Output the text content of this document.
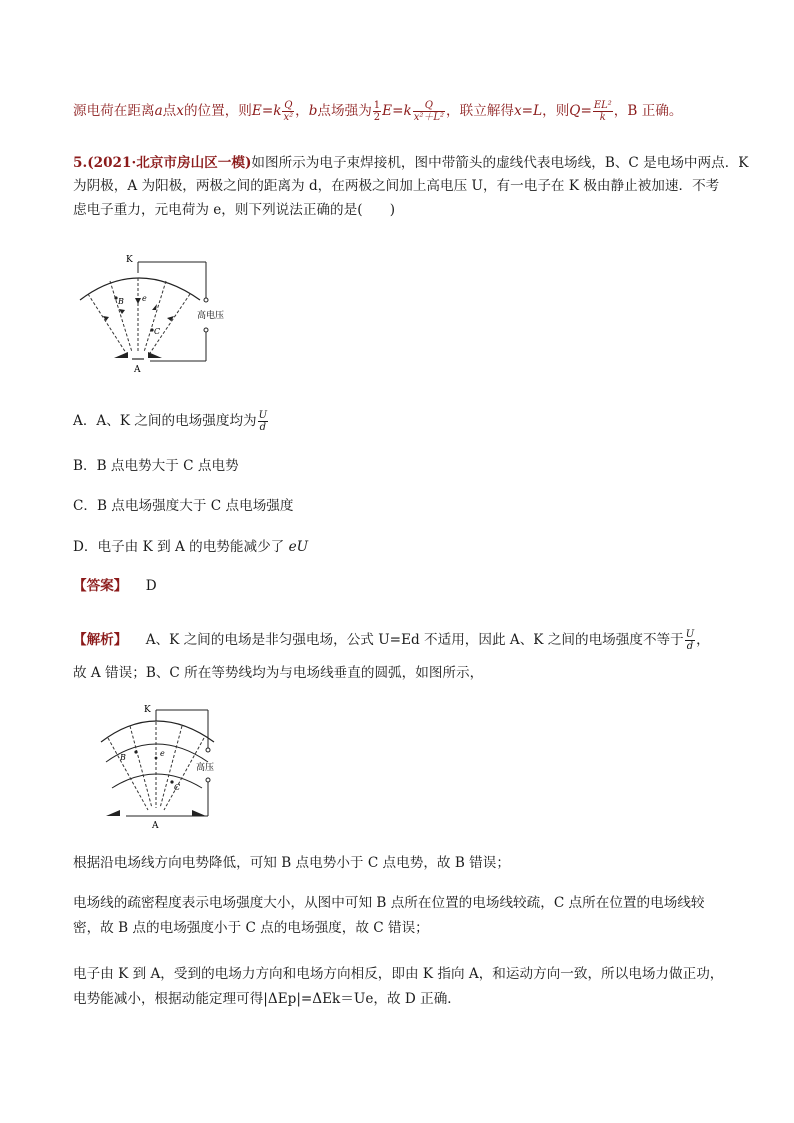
源电荷在距离a点x的位置，则$E=k \frac{Q}{\text{x²}}$ ，b点场强为 $\frac{1}{2} E=k \frac{Q}{\text{x²＋L²}}$ ，联立解得x=L，则$Q= \frac{\text{EL²}}{k}$ ，B 正确。
5.(2021·北京市房山区一模)如图所示为电子束焊接机，图中带箭头的虚线代表电场线，B、C 是电场中两点．K
为阴极，A 为阳极，两极之间的距离为 d，在两极之间加上高电压 U，有一电子在 K 极由静止被加速．不考
虑电子重力，元电荷为 e，则下列说法正确的是(　　)
K
A
B
C
e
高电压
A．A、K 之间的电场强度均为 $\frac{U}{d}$
B．B 点电势大于 C 点电势
C．B 点电场强度大于 C 点电场强度
D．电子由 K 到 A 的电势能减少了 eU
【答案】 D
【解析】 A、K 之间的电场是非匀强电场，公式 U=Ed 不适用，因此 A、K 之间的电场强度不等于 $\frac{U}{d}$ ，
故 A 错误；B、C 所在等势线均为与电场线垂直的圆弧，如图所示，
K
A
B
C
e
高压
根据沿电场线方向电势降低，可知 B 点电势小于 C 点电势，故 B 错误；
电场线的疏密程度表示电场强度大小，从图中可知 B 点所在位置的电场线较疏，C 点所在位置的电场线较
密，故 B 点的电场强度小于 C 点的电场强度，故 C 错误；
电子由 K 到 A，受到的电场力方向和电场方向相反，即由 K 指向 A，和运动方向一致，所以电场力做正功，
电势能减小，根据动能定理可得|ΔEp|=ΔEk＝Ue，故 D 正确．
